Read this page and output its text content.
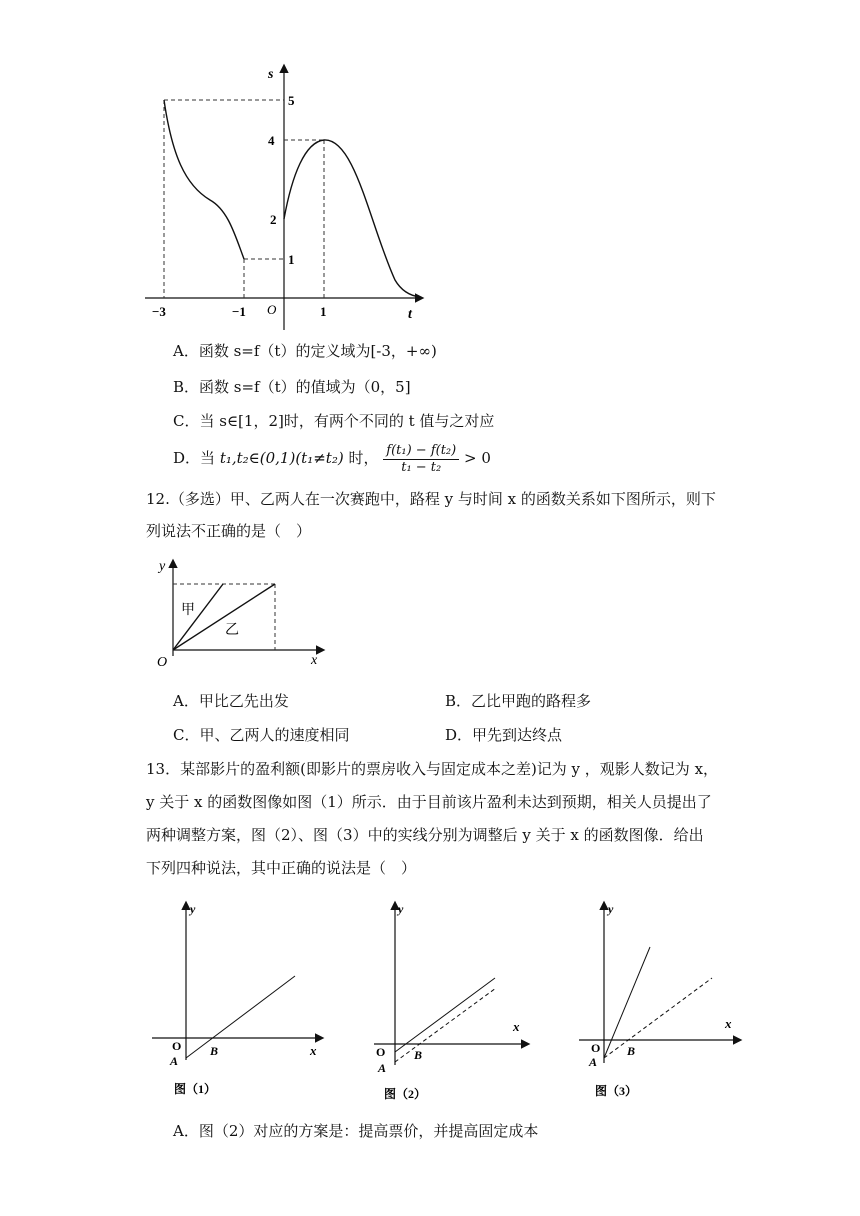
s
t
O
5
4
2
1
−3	−1	1
A．函数 s=f（t）的定义域为[-3，+∞)
B．函数 s=f（t）的值域为（0，5]
C．当 s∈[1，2]时，有两个不同的 t 值与之对应
D．当 t₁,t₂∈(0,1)(t₁≠t₂) 时， $\frac{\text{f(t₁) − f(t₂)}}{\text{t₁ − t₂}} > 0$
12.（多选）甲、乙两人在一次赛跑中，路程 y 与时间 x 的函数关系如下图所示，则下
列说法不正确的是（　）
y
x
O
甲
乙
A．甲比乙先出发	B．乙比甲跑的路程多
C．甲、乙两人的速度相同	D．甲先到达终点
13．某部影片的盈利额(即影片的票房收入与固定成本之差)记为 y ，观影人数记为 x，
y 关于 x 的函数图像如图（1）所示．由于目前该片盈利未达到预期，相关人员提出了
两种调整方案，图（2）、图（3）中的实线分别为调整后 y 关于 x 的函数图像．给出
下列四种说法，其中正确的说法是（　）
y
x
O
A
B
图（1）
y
x
O
A
B
图（2）
y
x
O
A
B
图（3）
A．图（2）对应的方案是：提高票价，并提高固定成本
